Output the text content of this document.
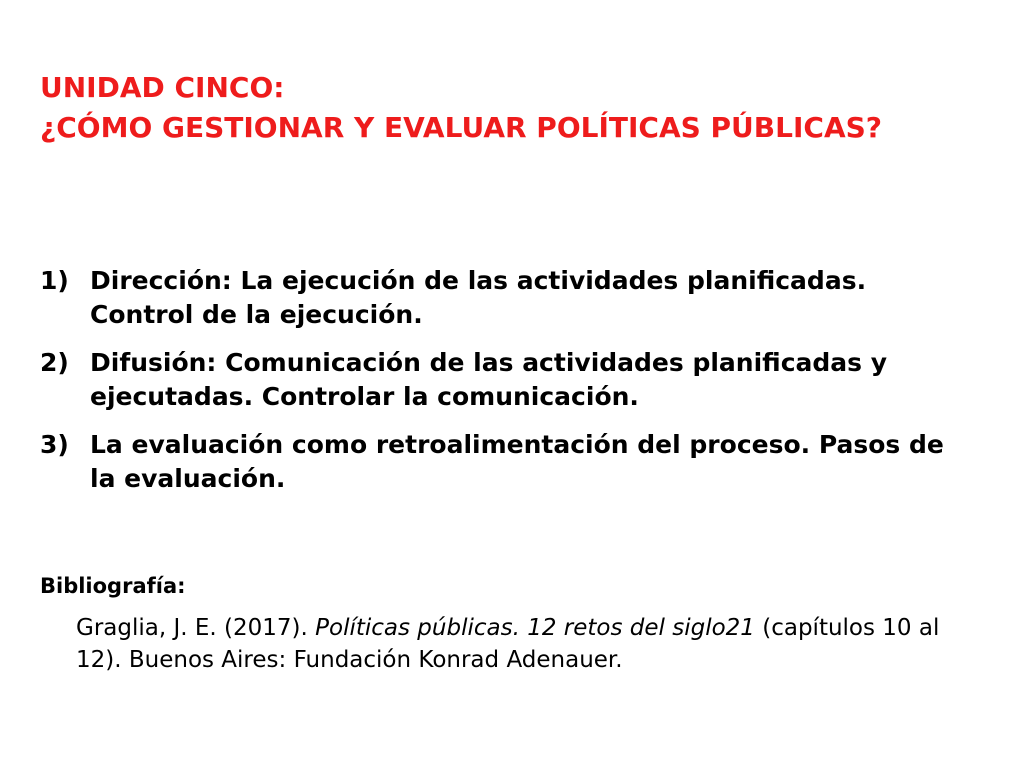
UNIDAD CINCO:
¿CÓMO GESTIONAR Y EVALUAR POLÍTICAS PÚBLICAS?
1) Dirección: La ejecución de las actividades planificadas. Control de la ejecución.
2) Difusión: Comunicación de las actividades planificadas y ejecutadas. Controlar la comunicación.
3) La evaluación como retroalimentación del proceso. Pasos de la evaluación.
Bibliografía:
Graglia, J. E. (2017). Políticas públicas. 12 retos del siglo21 (capítulos 10 al 12). Buenos Aires: Fundación Konrad Adenauer.
